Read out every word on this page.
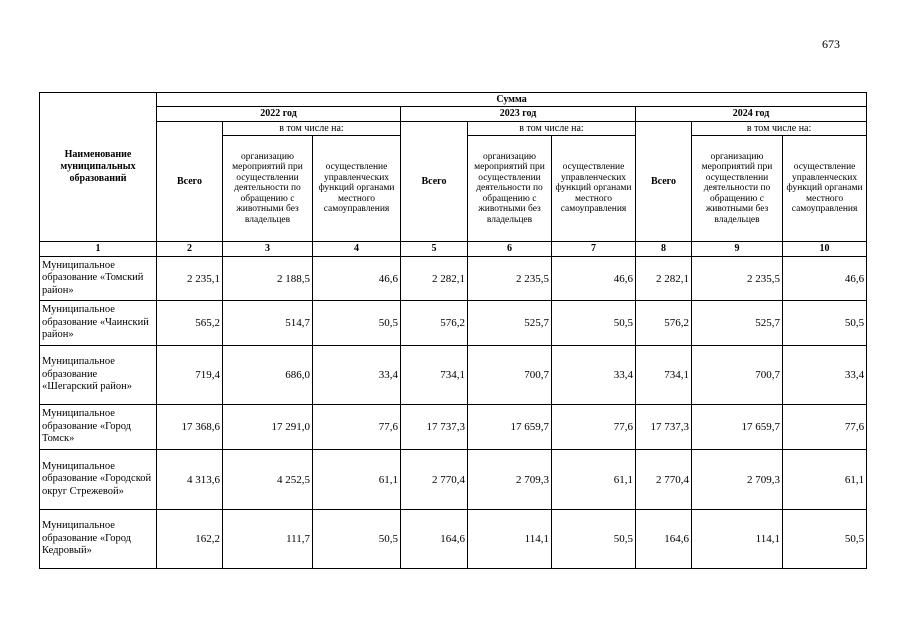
673
Наименование муниципальных образований	Сумма								
	2022 год			2023 год			2024 год		
	Всего	в том числе на:		Всего	в том числе на:		Всего	в том числе на:	
		организацию мероприятий при осуществлении деятельности по обращению с животными без владельцев	осуществление управленческих функций органами местного самоуправления		организацию мероприятий при осуществлении деятельности по обращению с животными без владельцев	осуществление управленческих функций органами местного самоуправления		организацию мероприятий при осуществлении деятельности по обращению с животными без владельцев	осуществление управленческих функций органами местного самоуправления
1	2	3	4	5	6	7	8	9	10
Муниципальное образование «Томский район»	2 235,1	2 188,5	46,6	2 282,1	2 235,5	46,6	2 282,1	2 235,5	46,6
Муниципальное образование «Чаинский район»	565,2	514,7	50,5	576,2	525,7	50,5	576,2	525,7	50,5
Муниципальное образование «Шегарский район»	719,4	686,0	33,4	734,1	700,7	33,4	734,1	700,7	33,4
Муниципальное образование «Город Томск»	17 368,6	17 291,0	77,6	17 737,3	17 659,7	77,6	17 737,3	17 659,7	77,6
Муниципальное образование «Городской округ Стрежевой»	4 313,6	4 252,5	61,1	2 770,4	2 709,3	61,1	2 770,4	2 709,3	61,1
Муниципальное образование «Город Кедровый»	162,2	111,7	50,5	164,6	114,1	50,5	164,6	114,1	50,5
